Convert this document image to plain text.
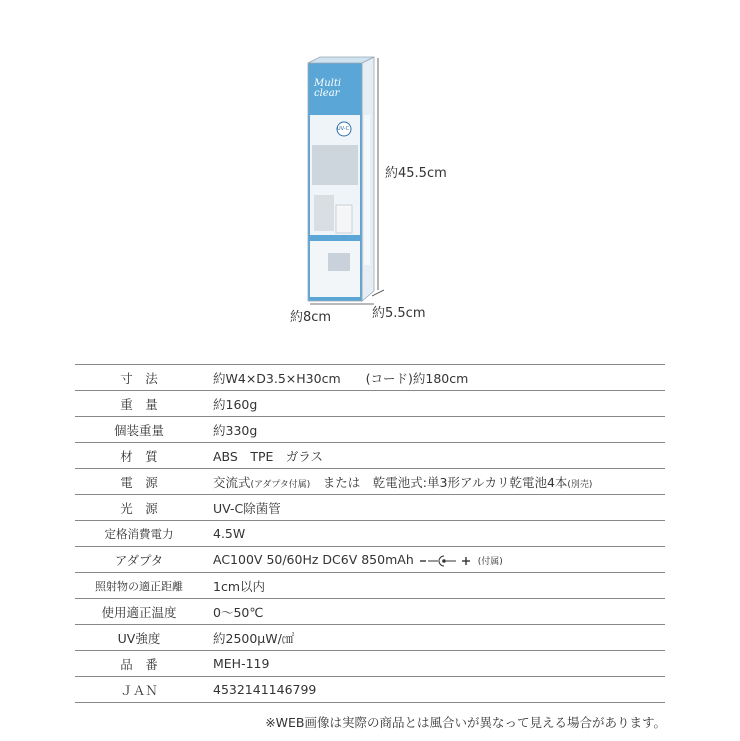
Multi clear
UV-C
約45.5cm
約8cm	約5.5cm
寸　法	約W4×D3.5×H30cm　　(コード)約180cm
重　量	約160g
個装重量	約330g
材　質	ABS　TPE　ガラス
電　源	交流式(アダプタ付属)　または　乾電池式:単3形アルカリ乾電池4本(別売)
光　源	UV-C除菌管
定格消費電力	4.5W
アダプタ	AC100V 50/60Hz DC6V 850mAh (付属)
照射物の適正距離	1cm以内
使用適正温度	0～50℃
UV強度	約2500μW/㎠
品　番	MEH-119
ＪＡＮ	4532141146799
※WEB画像は実際の商品とは風合いが異なって見える場合があります。
